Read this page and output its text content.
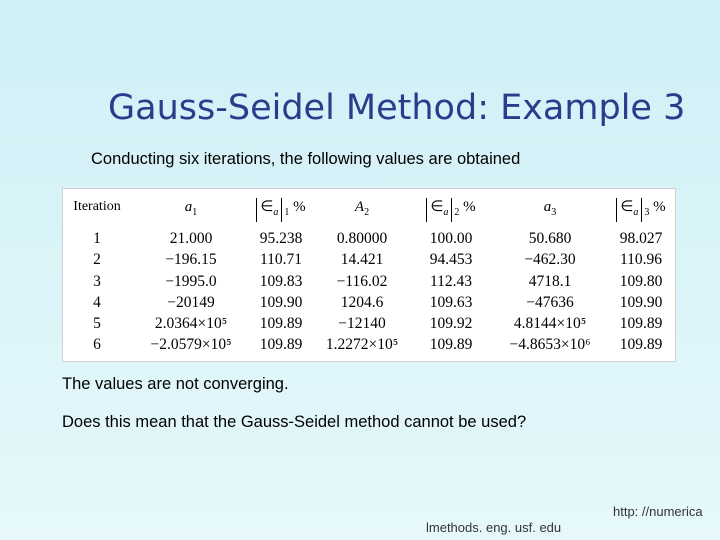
Gauss-Seidel Method: Example 3
Conducting six iterations, the following values are obtained
Iteration
1
2
3
4
5
6
$a_1$
21.000
−196.15
−1995.0
−20149
2.0364×10⁵
−2.0579×10⁵
$\in_a$ $_1$ %
95.238
110.71
109.83
109.90
109.89
109.89
$A_2$
0.80000
14.421
−116.02
1204.6
−12140
1.2272×10⁵
$\in_a$ $_2$ %
100.00
94.453
112.43
109.63
109.92
109.89
$a_3$
50.680
−462.30
4718.1
−47636
4.8144×10⁵
−4.8653×10⁶
$\in_a$ $_3$ %
98.027
110.96
109.80
109.90
109.89
109.89
The values are not converging.
Does this mean that the Gauss-Seidel method cannot be used?
http: //numerica
lmethods. eng. usf. edu
